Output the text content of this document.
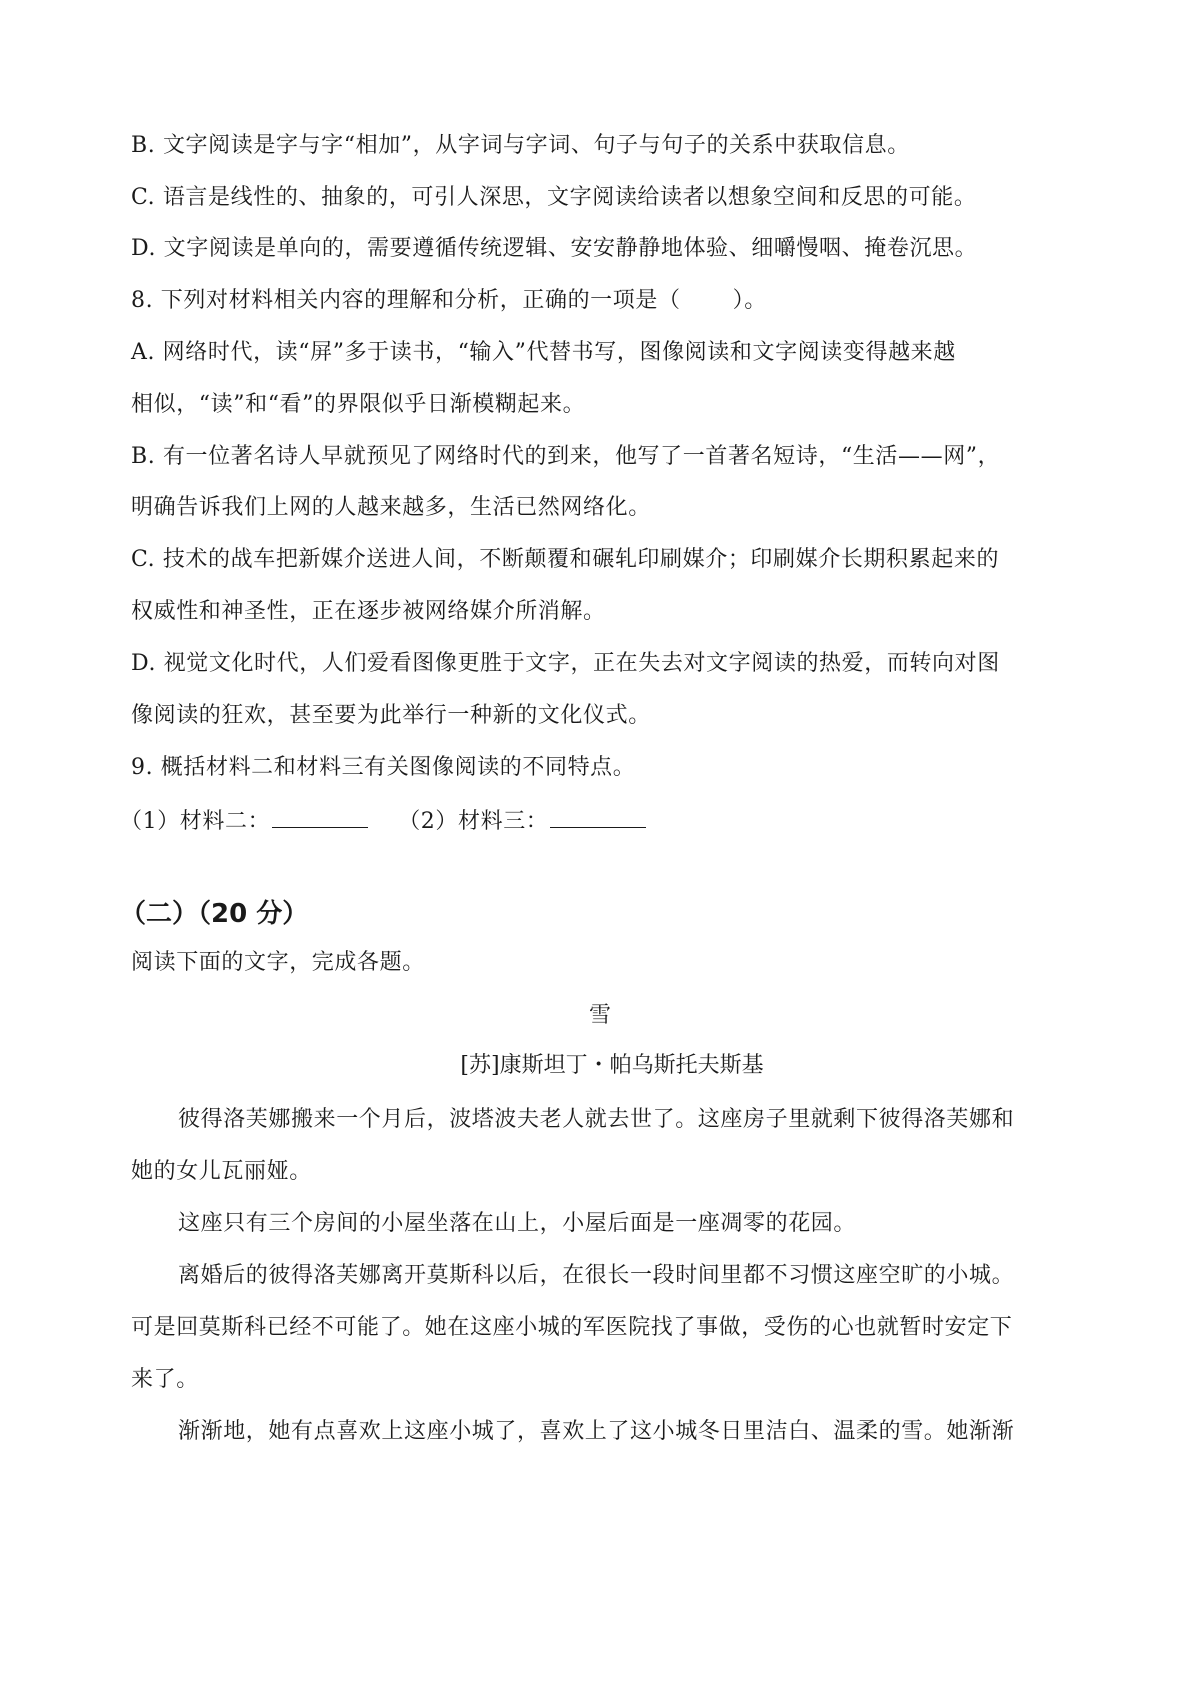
B. 文字阅读是字与字“相加”，从字词与字词、句子与句子的关系中获取信息。
C. 语言是线性的、抽象的，可引人深思，文字阅读给读者以想象空间和反思的可能。
D. 文字阅读是单向的，需要遵循传统逻辑、安安静静地体验、细嚼慢咽、掩卷沉思。
8. 下列对材料相关内容的理解和分析，正确的一项是（ ）。
A. 网络时代，读“屏”多于读书，“输入”代替书写，图像阅读和文字阅读变得越来越
相似，“读”和“看”的界限似乎日渐模糊起来。
B. 有一位著名诗人早就预见了网络时代的到来，他写了一首著名短诗，“生活——网”，
明确告诉我们上网的人越来越多，生活已然网络化。
C. 技术的战车把新媒介送进人间，不断颠覆和碾轧印刷媒介；印刷媒介长期积累起来的
权威性和神圣性，正在逐步被网络媒介所消解。
D. 视觉文化时代，人们爱看图像更胜于文字，正在失去对文字阅读的热爱，而转向对图
像阅读的狂欢，甚至要为此举行一种新的文化仪式。
9. 概括材料二和材料三有关图像阅读的不同特点。
（1）材料二：	（2）材料三：
（二）（20 分）
阅读下面的文字，完成各题。
雪
[苏]康斯坦丁・帕乌斯托夫斯基
彼得洛芙娜搬来一个月后，波塔波夫老人就去世了。这座房子里就剩下彼得洛芙娜和
她的女儿瓦丽娅。
这座只有三个房间的小屋坐落在山上，小屋后面是一座凋零的花园。
离婚后的彼得洛芙娜离开莫斯科以后，在很长一段时间里都不习惯这座空旷的小城。
可是回莫斯科已经不可能了。她在这座小城的军医院找了事做，受伤的心也就暂时安定下
来了。
渐渐地，她有点喜欢上这座小城了，喜欢上了这小城冬日里洁白、温柔的雪。她渐渐
